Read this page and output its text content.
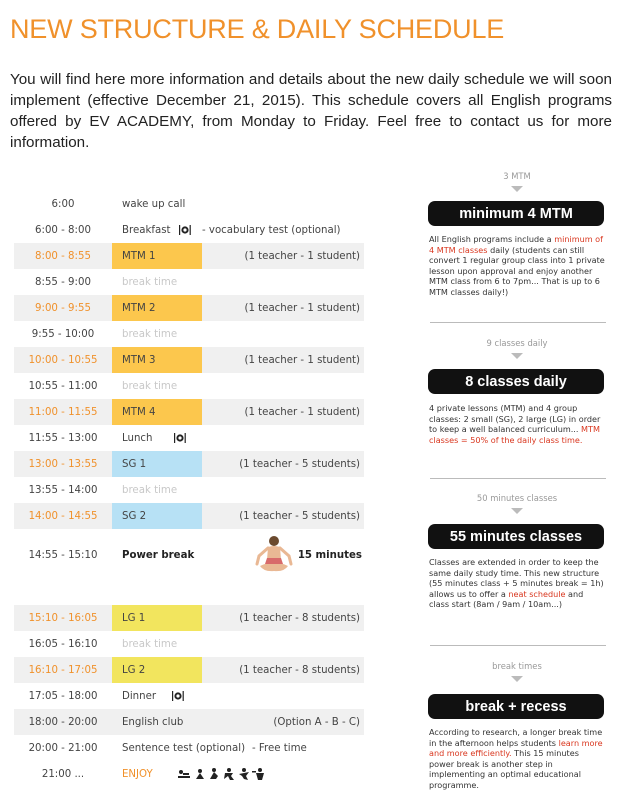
NEW STRUCTURE & DAILY SCHEDULE
You will find here more information and details about the new daily schedule we will soon implement (effective December 21, 2015). This schedule covers all English programs offered by EV ACADEMY, from Monday to Friday. Feel free to contact us for more information.
6:00	wake up call
6:00 - 8:00	Breakfast	- vocabulary test (optional)
8:00 - 8:55	MTM 1	(1 teacher - 1 student)
8:55 - 9:00	break time
9:00 - 9:55	MTM 2	(1 teacher - 1 student)
9:55 - 10:00	break time
10:00 - 10:55	MTM 3	(1 teacher - 1 student)
10:55 - 11:00	break time
11:00 - 11:55	MTM 4	(1 teacher - 1 student)
11:55 - 13:00	Lunch
13:00 - 13:55	SG 1	(1 teacher - 5 students)
13:55 - 14:00	break time
14:00 - 14:55	SG 2	(1 teacher - 5 students)
14:55 - 15:10	Power break	15 minutes
15:10 - 16:05	LG 1	(1 teacher - 8 students)
16:05 - 16:10	break time
16:10 - 17:05	LG 2	(1 teacher - 8 students)
17:05 - 18:00	Dinner
18:00 - 20:00	English club	(Option A - B - C)
20:00 - 21:00	Sentence test (optional) - Free time
21:00 ...	ENJOY
3 MTM
minimum 4 MTM
All English programs include a minimum of 4 MTM classes daily (students can still convert 1 regular group class into 1 private lesson upon approval and enjoy another MTM class from 6 to 7pm... That is up to 6 MTM classes daily!)
9 classes daily
8 classes daily
4 private lessons (MTM) and 4 group classes: 2 small (SG), 2 large (LG) in order to keep a well balanced curriculum... MTM classes = 50% of the daily class time.
50 minutes classes
55 minutes classes
Classes are extended in order to keep the same daily study time. This new structure (55 minutes class + 5 minutes break = 1h) allows us to offer a neat schedule and class start (8am / 9am / 10am...)
break times
break + recess
According to research, a longer break time in the afternoon helps students learn more and more efficiently. This 15 minutes power break is another step in implementing an optimal educational programme.
